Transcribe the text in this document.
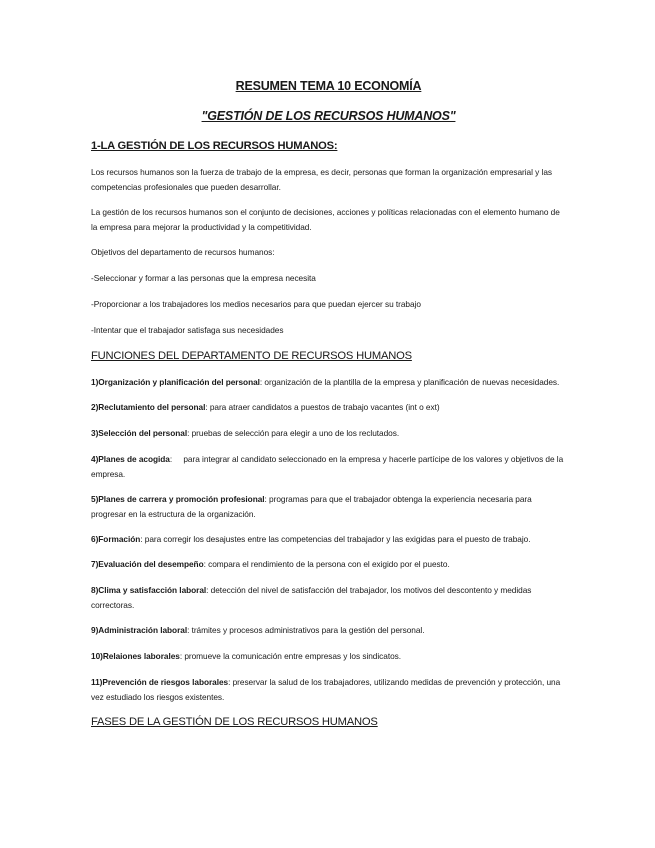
RESUMEN TEMA 10 ECONOMÍA
"GESTIÓN DE LOS RECURSOS HUMANOS"
1-LA GESTIÓN DE LOS RECURSOS HUMANOS:

Los recursos humanos son la fuerza de trabajo de la empresa, es decir, personas que forman la organización empresarial y las competencias profesionales que pueden desarrollar.

La gestión de los recursos humanos son el conjunto de decisiones, acciones y políticas relacionadas con el elemento humano de la empresa para mejorar la productividad y la competitividad.

Objetivos del departamento de recursos humanos:

-Seleccionar y formar a las personas que la empresa necesita

-Proporcionar a los trabajadores los medios necesarios para que puedan ejercer su trabajo

-Intentar que el trabajador satisfaga sus necesidades

FUNCIONES DEL DEPARTAMENTO DE RECURSOS HUMANOS

1)Organización y planificación del personal: organización de la plantilla de la empresa y planificación de nuevas necesidades.

2)Reclutamiento del personal: para atraer candidatos a puestos de trabajo vacantes (int o ext)

3)Selección del personal: pruebas de selección para elegir a uno de los reclutados.

4)Planes de acogida:     para integrar al candidato seleccionado en la empresa y hacerle partícipe de los valores y objetivos de la empresa.

5)Planes de carrera y promoción profesional: programas para que el trabajador obtenga la experiencia necesaria para progresar en la estructura de la organización.

6)Formación: para corregir los desajustes entre las competencias del trabajador y las exigidas para el puesto de trabajo.

7)Evaluación del desempeño: compara el rendimiento de la persona con el exigido por el puesto.

8)Clima y satisfacción laboral: detección del nivel de satisfacción del trabajador, los motivos del descontento y medidas correctoras.

9)Administración laboral: trámites y procesos administrativos para la gestión del personal.

10)Relaiones laborales: promueve la comunicación entre empresas y los sindicatos.

11)Prevención de riesgos laborales: preservar la salud de los trabajadores, utilizando medidas de prevención y protección, una vez estudiado los riesgos existentes.

FASES DE LA GESTIÓN DE LOS RECURSOS HUMANOS
